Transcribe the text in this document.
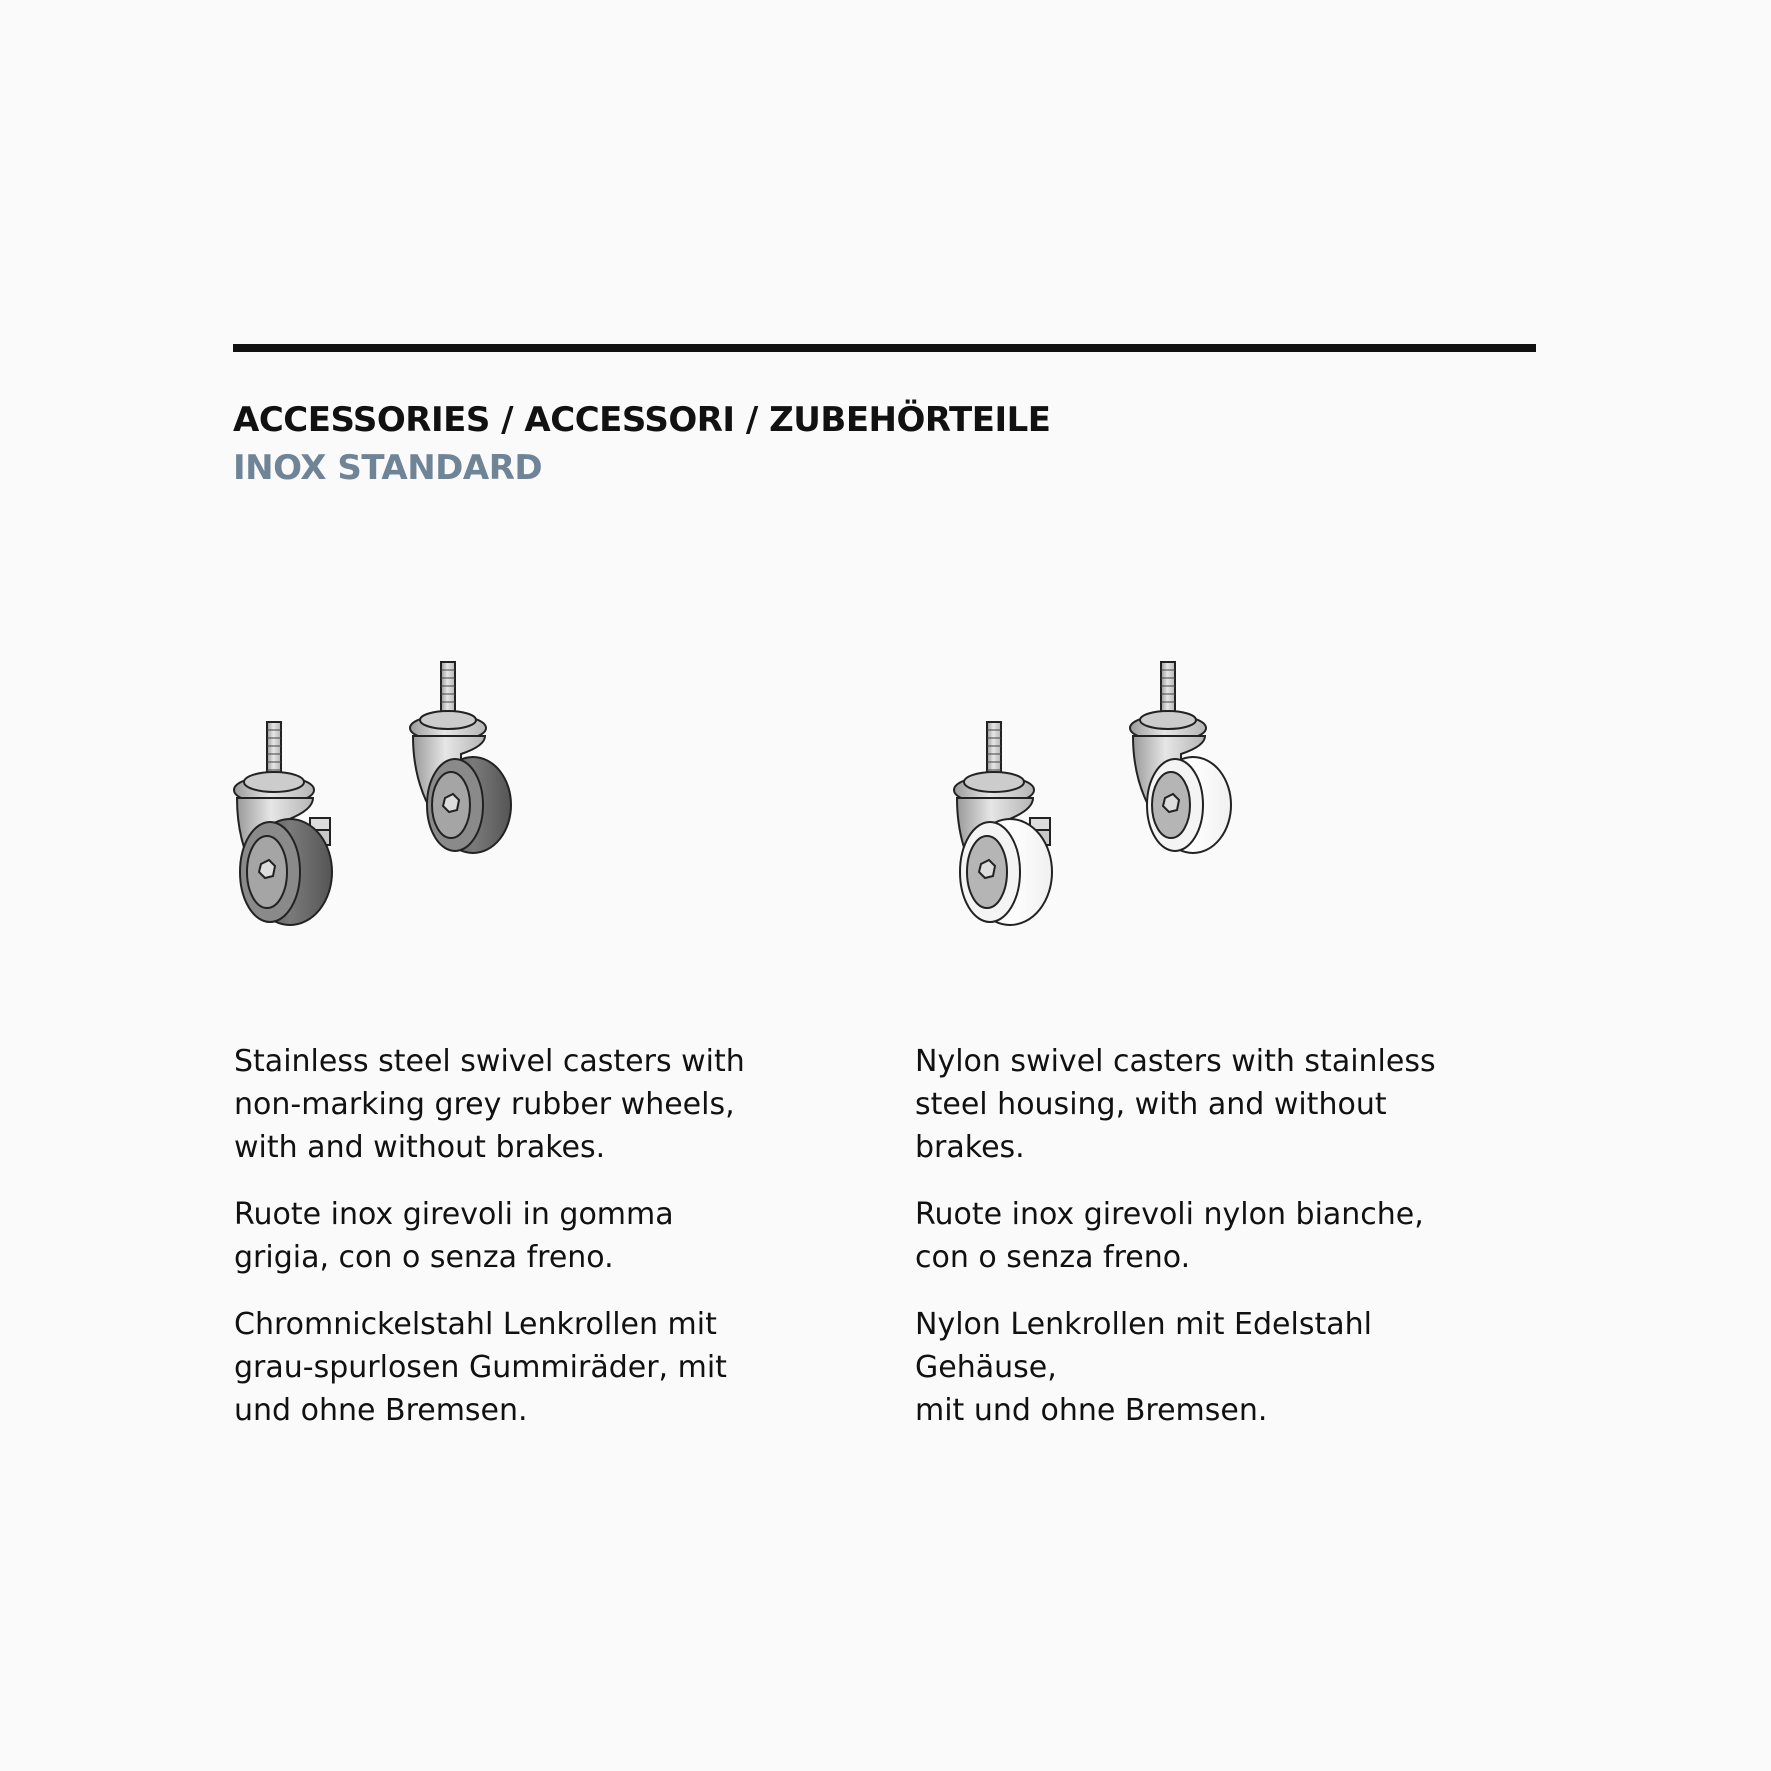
ACCESSORIES / ACCESSORI / ZUBEHÖRTEILE
INOX STANDARD

Stainless steel swivel casters with
non-marking grey rubber wheels,
with and without brakes.

Ruote inox girevoli in gomma
grigia, con o senza freno.

Chromnickelstahl Lenkrollen mit
grau-spurlosen Gummiräder, mit
und ohne Bremsen.

Nylon swivel casters with stainless
steel housing, with and without brakes.

Ruote inox girevoli nylon bianche,
con o senza freno.

Nylon Lenkrollen mit Edelstahl Gehäuse,
mit und ohne Bremsen.
